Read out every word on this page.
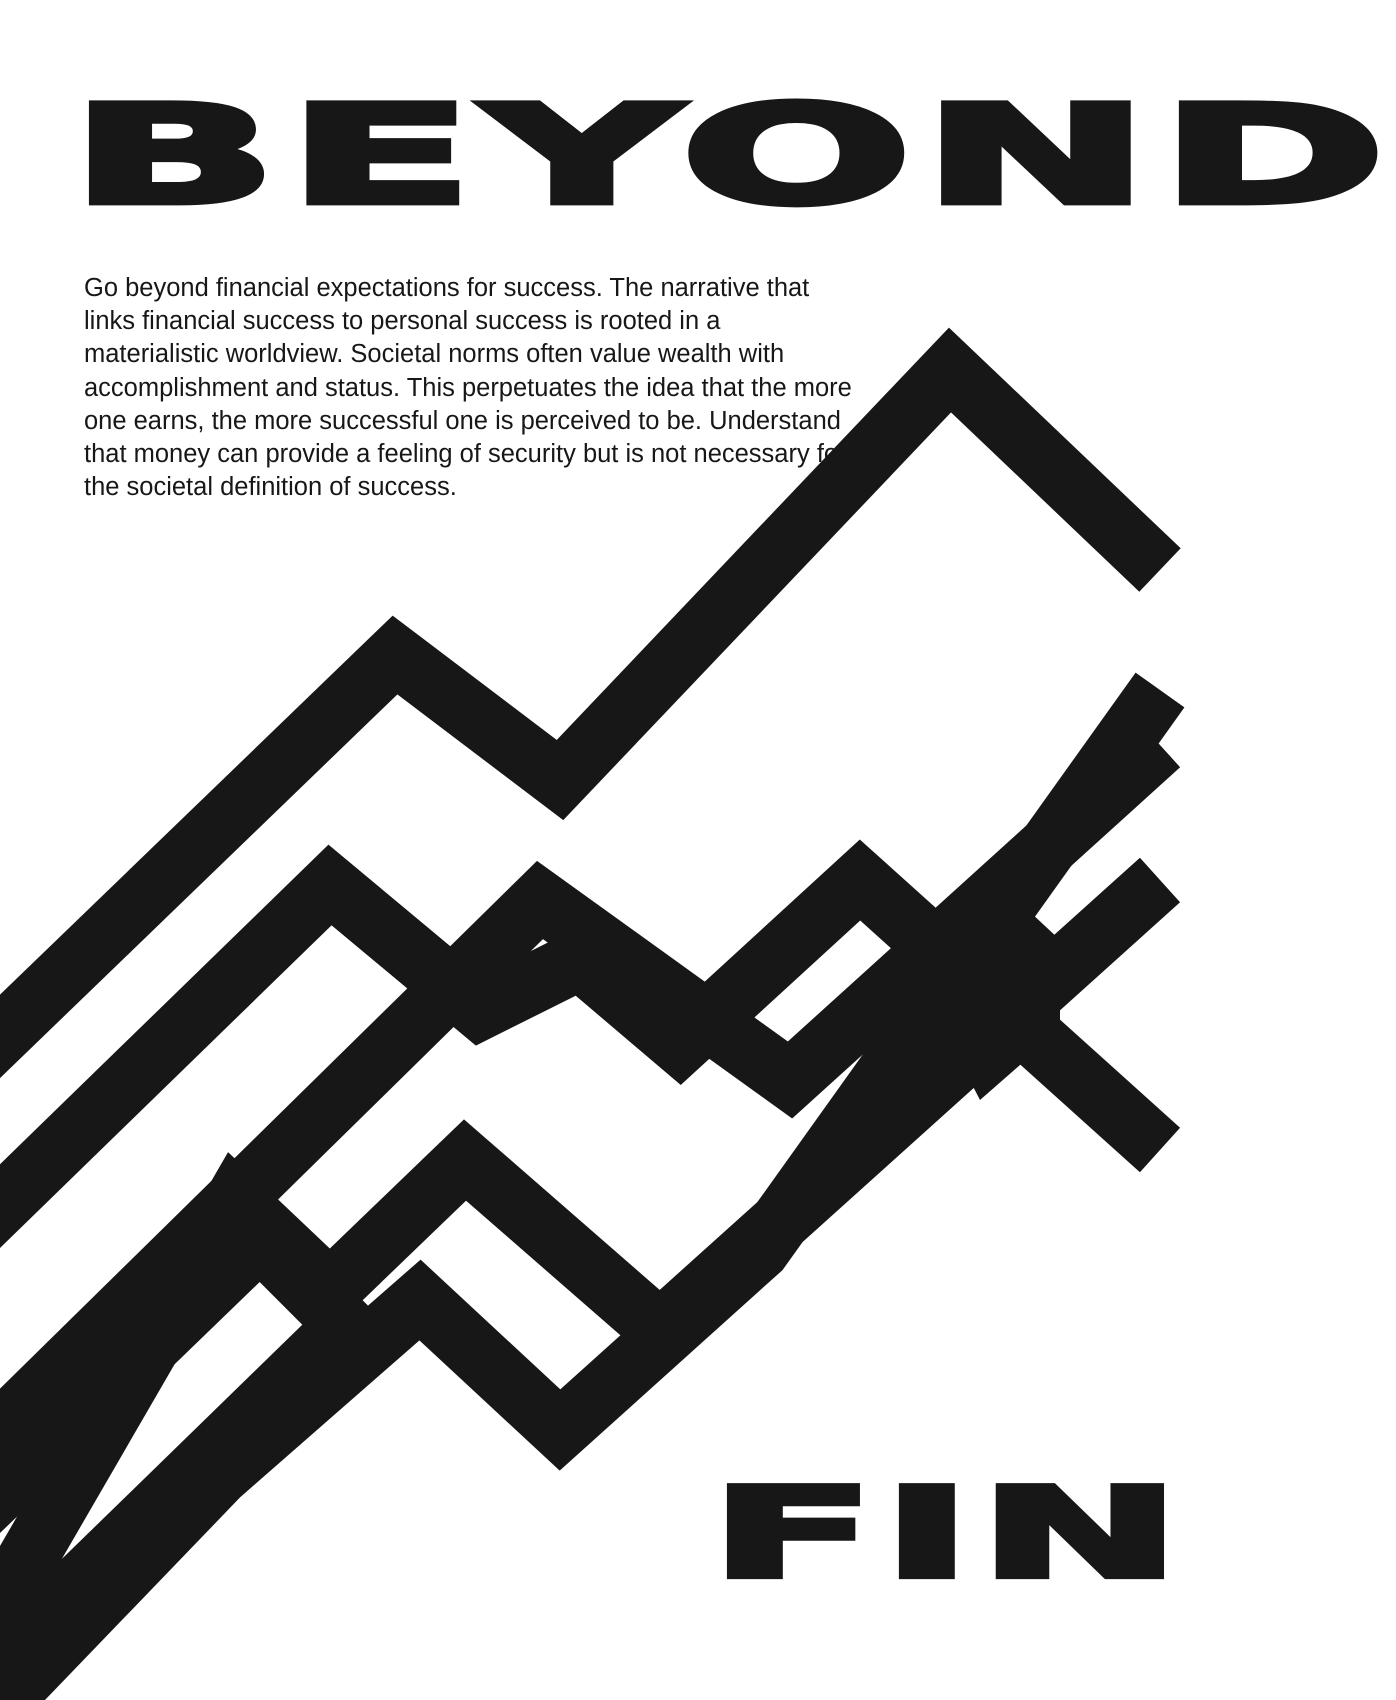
BEYOND

Go beyond financial expectations for success. The narrative that links financial success to personal success is rooted in a materialistic worldview. Societal norms often value wealth with accomplishment and status. This perpetuates the idea that the more one earns, the more successful one is perceived to be. Understand that money can provide a feeling of security but is not necessary for the societal definition of success.

FIN
